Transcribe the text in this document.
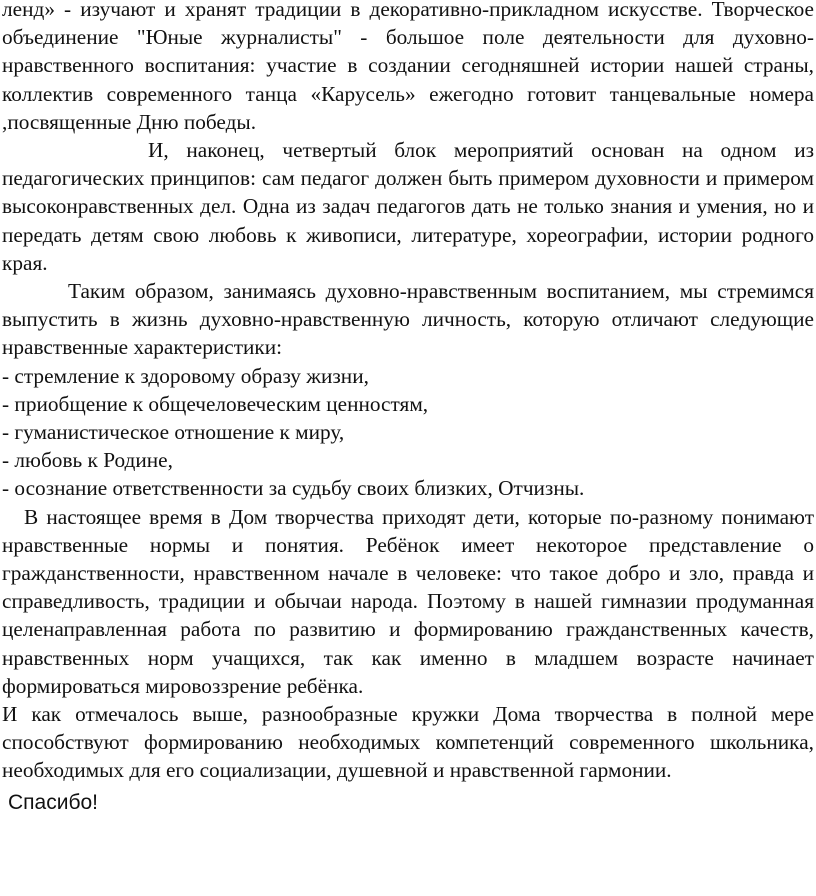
ленд» - изучают и хранят традиции в декоративно-прикладном искусстве. Творческое объединение "Юные журналисты" - большое поле деятельности для духовно-нравственного воспитания: участие в создании сегодняшней истории нашей страны, коллектив современного танца «Карусель» ежегодно готовит танцевальные номера ,посвященные Дню победы.

И, наконец, четвертый блок мероприятий основан на одном из педагогических принципов: сам педагог должен быть примером духовности и примером высоконравственных дел. Одна из задач педагогов дать не только знания и умения, но и передать детям свою любовь к живописи, литературе, хореографии, истории родного края.

Таким образом, занимаясь духовно-нравственным воспитанием, мы стремимся выпустить в жизнь духовно-нравственную личность, которую отличают следующие нравственные характеристики:

- стремление к здоровому образу жизни,

- приобщение к общечеловеческим ценностям,

- гуманистическое отношение к миру,

- любовь к Родине,

- осознание ответственности за судьбу своих близких, Отчизны.

В настоящее время в Дом творчества приходят дети, которые по-разному понимают нравственные нормы и понятия. Ребёнок имеет некоторое представление о гражданственности, нравственном начале в человеке: что такое добро и зло, правда и справедливость, традиции и обычаи народа. Поэтому в нашей гимназии продуманная целенаправленная работа по развитию и формированию гражданственных качеств, нравственных норм учащихся, так как именно в младшем возрасте начинает формироваться мировоззрение ребёнка.

И как отмечалось выше, разнообразные кружки Дома творчества в полной мере способствуют формированию необходимых компетенций современного школьника, необходимых для его социализации, душевной и нравственной гармонии.

Спасибо!
